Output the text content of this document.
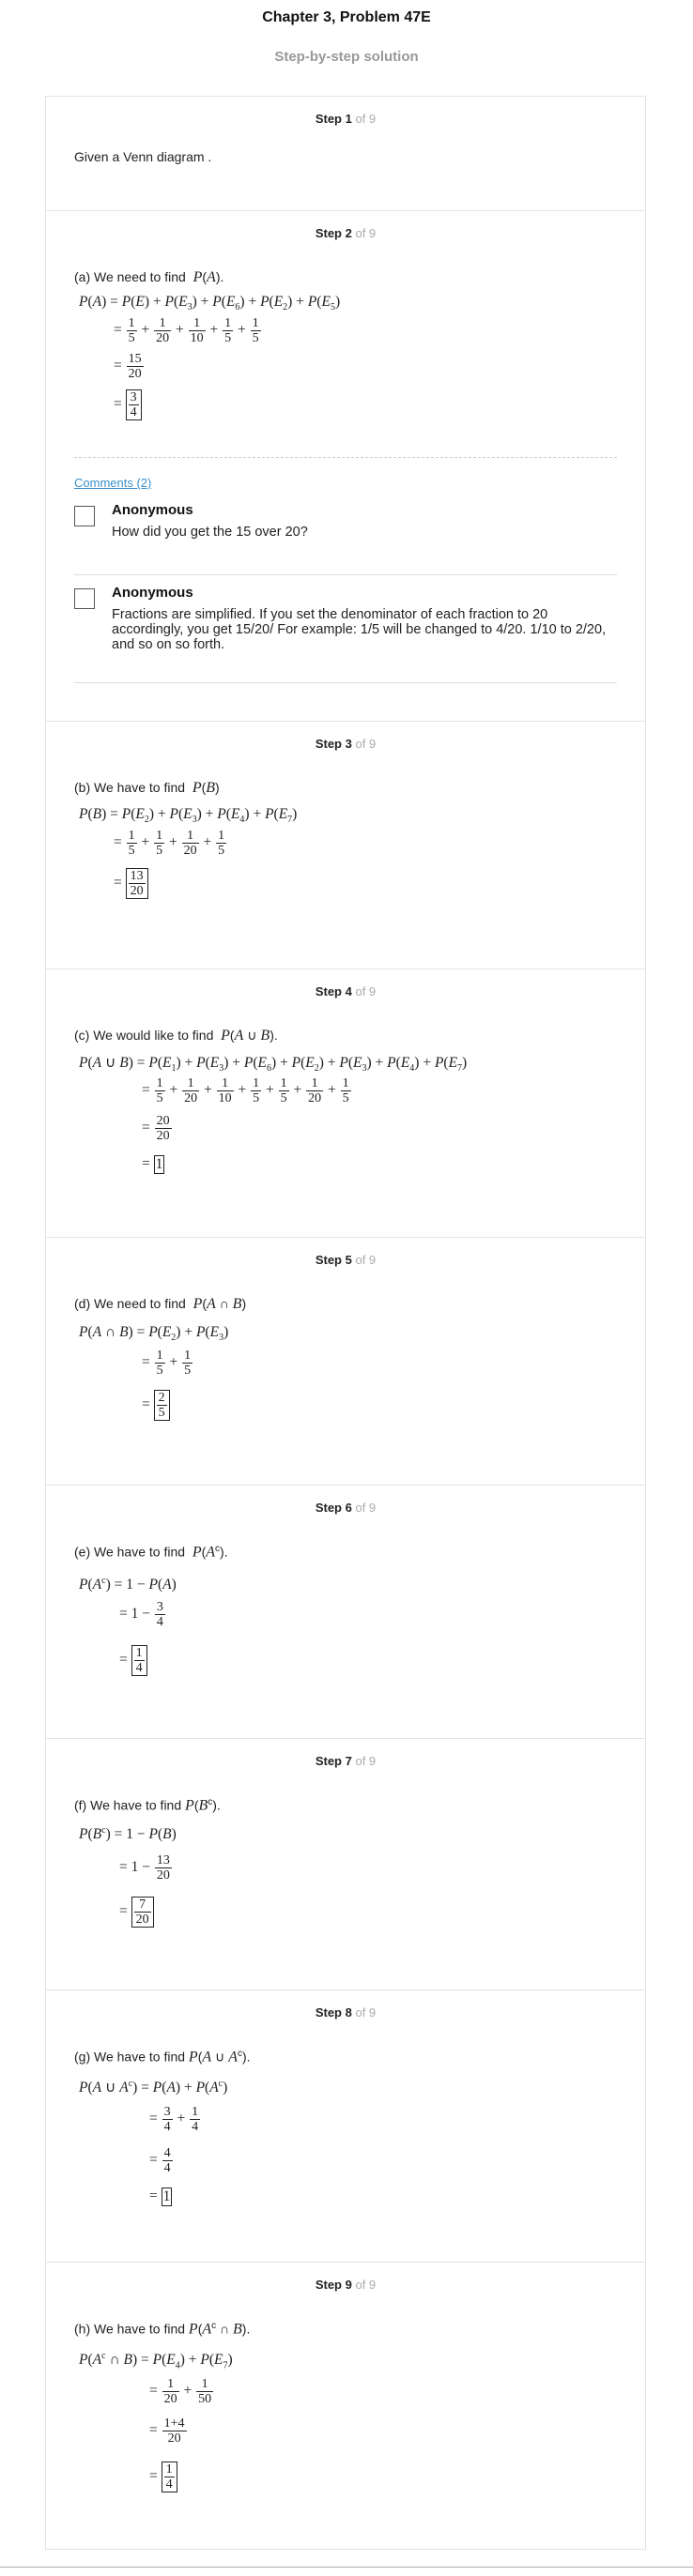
Chapter 3, Problem 47E
Step-by-step solution
Step 1 of 9
Given a Venn diagram .
Step 2 of 9
(a) We need to find P(A).
$P(A) = P(E) + P(E_3) + P(E_6) + P(E_2) + P(E_5)$
= $\frac{1}{5} + \frac{1}{20} + \frac{1}{10} + \frac{1}{5} + \frac{1}{5}$
= $\frac{15}{20}$
= $\frac{3}{4}$
Comments (2)
Anonymous
How did you get the 15 over 20?
Anonymous
Fractions are simplified. If you set the denominator of each fraction to 20 accordingly, you get 15/20/ For example: 1/5 will be changed to 4/20. 1/10 to 2/20, and so on so forth.
Step 3 of 9
(b) We have to find P(B)
$P(B) = P(E_2) + P(E_3) + P(E_4) + P(E_7)$
= $\frac{1}{5} + \frac{1}{5} + \frac{1}{20} + \frac{1}{5}$
= $\frac{13}{20}$
Step 4 of 9
(c) We would like to find P(A ∪ B).
P(A ∪ $B) = P(E_1) + P(E_3) + P(E_6) + P(E_2) + P(E_3) + P(E_4) + P(E_7)$
= $\frac{1}{5} + \frac{1}{20} + \frac{1}{10} + \frac{1}{5} + \frac{1}{5} + \frac{1}{20} + \frac{1}{5}$
= $\frac{20}{20}$
= 1
Step 5 of 9
(d) We need to find P(A ∩ B)
P(A ∩ $B) = P(E_2) + P(E_3)$
= $\frac{1}{5} + \frac{1}{5}$
= $\frac{2}{5}$
Step 6 of 9
(e) We have to find $P(A^c)$.
$P(A^c) = 1 - P(A)$
= $1 - \frac{3}{4}$
= $\frac{1}{4}$
Step 7 of 9
(f) We have to find $P(B^c)$.
$P(B^c) = 1 - P(B)$
= $1 - \frac{13}{20}$
= $\frac{7}{20}$
Step 8 of 9
(g) We have to find P(A ∪ $A^c$).
P(A ∪ $A^c) = P(A) + P(A^c)$
= $\frac{3}{4} + \frac{1}{4}$
= $\frac{4}{4}$
= 1
Step 9 of 9
(h) We have to find $P(A^c$ ∩ B).
$P(A^c$ ∩ $B) = P(E_4) + P(E_7)$
= $\frac{1}{20} + \frac{1}{50}$
= $\frac{1+4}{20}$
= $\frac{1}{4}$
